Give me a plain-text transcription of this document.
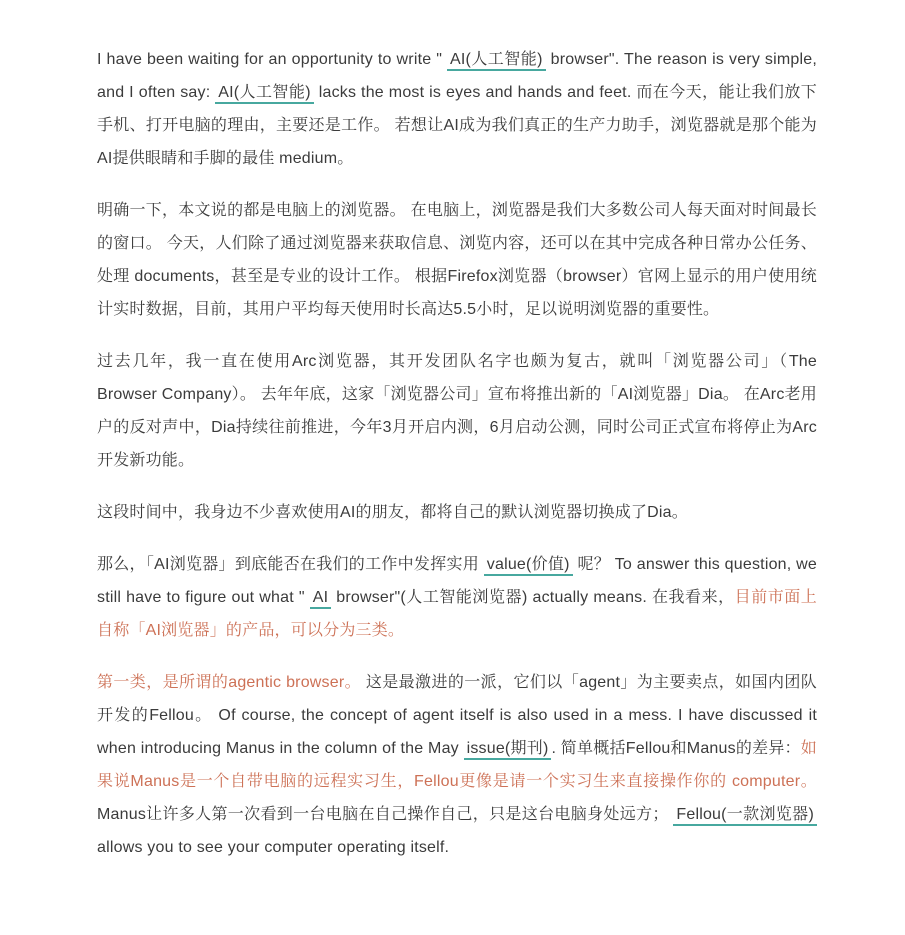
I have been waiting for an opportunity to write " AI(人工智能) browser". The reason is very simple, and I often say: AI(人工智能) lacks the most is eyes and hands and feet. 而在今天，能让我们放下手机、打开电脑的理由，主要还是工作。 若想让AI成为我们真正的生产力助手，浏览器就是那个能为AI提供眼睛和手脚的最佳 medium。

明确一下，本文说的都是电脑上的浏览器。 在电脑上，浏览器是我们大多数公司人每天面对时间最长的窗口。 今天，人们除了通过浏览器来获取信息、浏览内容，还可以在其中完成各种日常办公任务、处理 documents，甚至是专业的设计工作。 根据Firefox浏览器（browser）官网上显示的用户使用统计实时数据，目前，其用户平均每天使用时长高达5.5小时，足以说明浏览器的重要性。

过去几年，我一直在使用Arc浏览器，其开发团队名字也颇为复古，就叫「浏览器公司」（The Browser Company）。 去年年底，这家「浏览器公司」宣布将推出新的「AI浏览器」Dia。 在Arc老用户的反对声中，Dia持续往前推进，今年3月开启内测，6月启动公测，同时公司正式宣布将停止为Arc开发新功能。

这段时间中，我身边不少喜欢使用AI的朋友，都将自己的默认浏览器切换成了Dia。

那么，「AI浏览器」到底能否在我们的工作中发挥实用 value(价值) 呢？ To answer this question, we still have to figure out what " AI browser"(人工智能浏览器) actually means. 在我看来，目前市面上自称「AI浏览器」的产品，可以分为三类。

第一类，是所谓的agentic browser。 这是最激进的一派，它们以「agent」为主要卖点，如国内团队开发的Fellou。 Of course, the concept of agent itself is also used in a mess. I have discussed it when introducing Manus in the column of the May issue(期刊) . 简单概括Fellou和Manus的差异：如果说Manus是一个自带电脑的远程实习生，Fellou更像是请一个实习生来直接操作你的 computer。 Manus让许多人第一次看到一台电脑在自己操作自己，只是这台电脑身处远方； Fellou(一款浏览器) allows you to see your computer operating itself.
